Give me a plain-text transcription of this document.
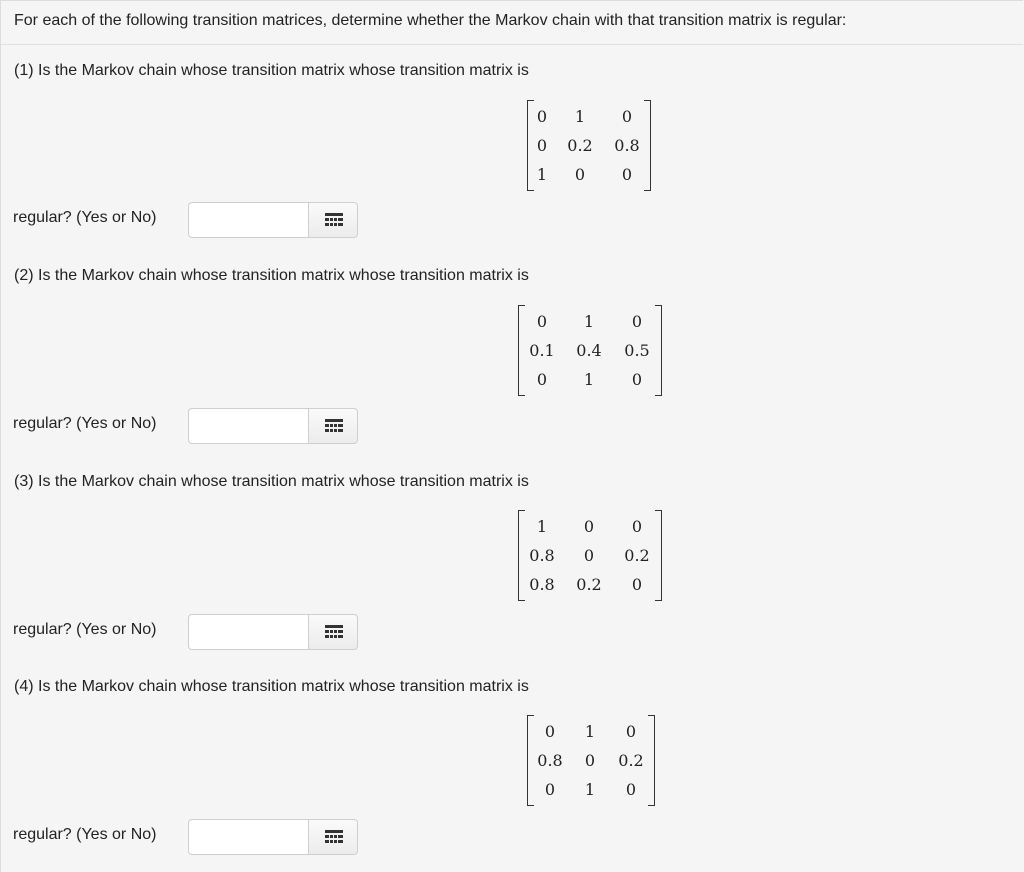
For each of the following transition matrices, determine whether the Markov chain with that transition matrix is regular:
(1) Is the Markov chain whose transition matrix whose transition matrix is
0	1	0
0	0.2	0.8
1	0	0
regular? (Yes or No)
(2) Is the Markov chain whose transition matrix whose transition matrix is
0	1	0
0.1	0.4	0.5
0	1	0
regular? (Yes or No)
(3) Is the Markov chain whose transition matrix whose transition matrix is
1	0	0
0.8	0	0.2
0.8	0.2	0
regular? (Yes or No)
(4) Is the Markov chain whose transition matrix whose transition matrix is
0	1	0
0.8	0	0.2
0	1	0
regular? (Yes or No)
